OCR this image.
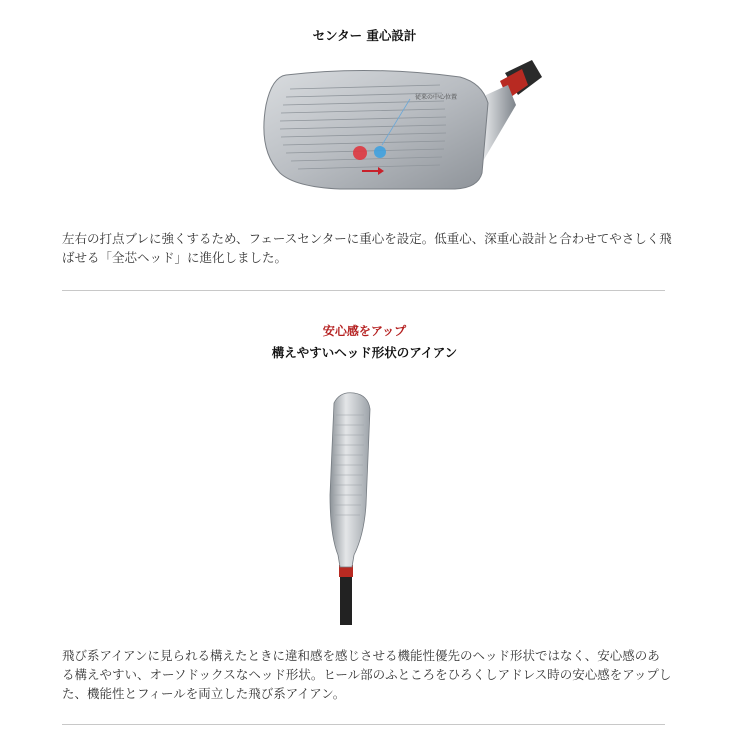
センター 重心設計
従来の中心位置
左右の打点ブレに強くするため、フェースセンターに重心を設定。低重心、深重心設計と合わせてやさしく飛ばせる「全芯ヘッド」に進化しました。
安心感をアップ
構えやすいヘッド形状のアイアン
飛び系アイアンに見られる構えたときに違和感を感じさせる機能性優先のヘッド形状ではなく、安心感のある構えやすい、オーソドックスなヘッド形状。ヒール部のふところをひろくしアドレス時の安心感をアップした、機能性とフィールを両立した飛び系アイアン。
